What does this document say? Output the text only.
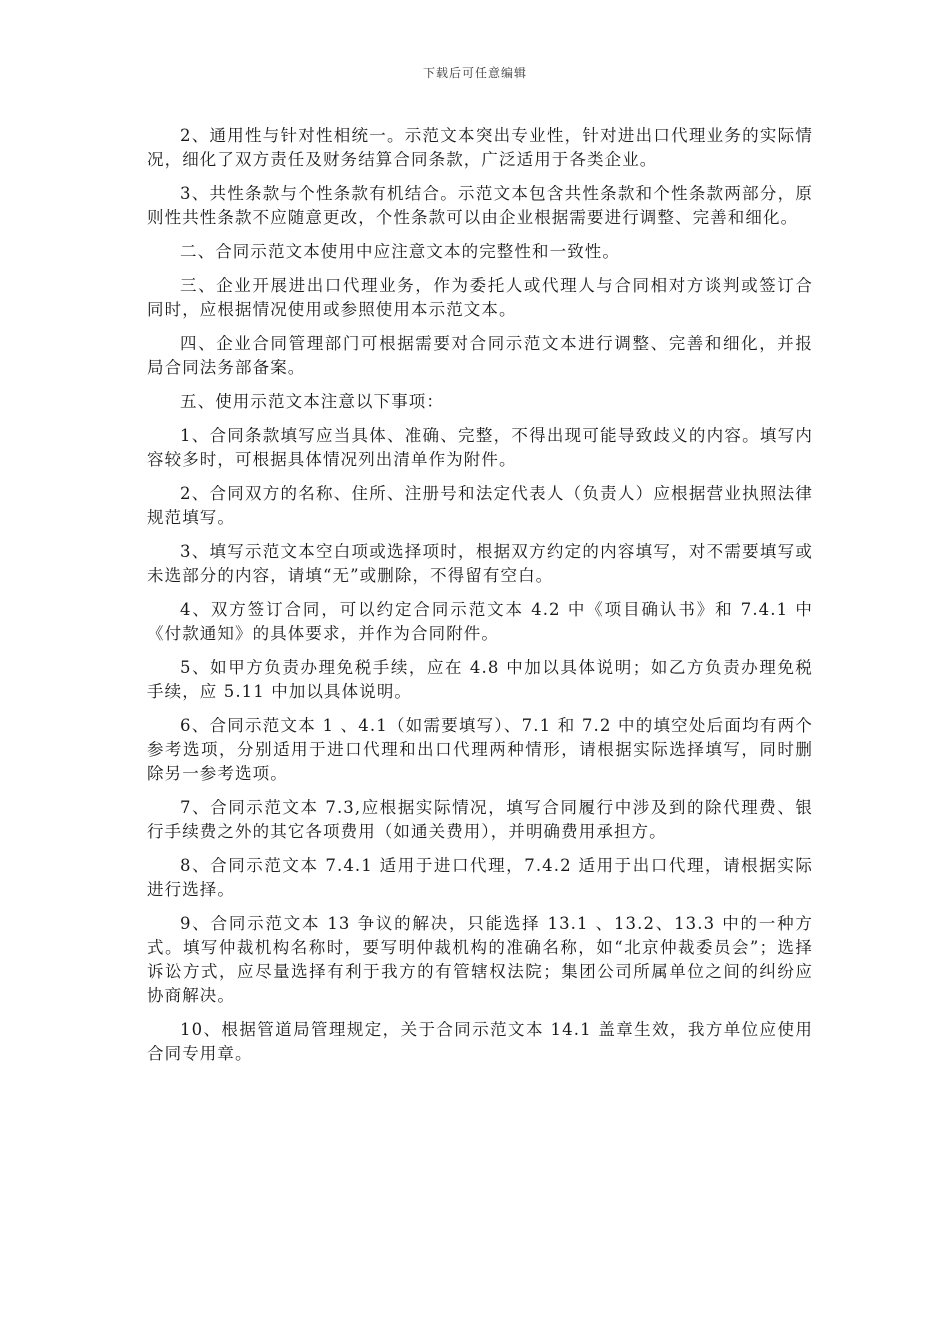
下载后可任意编辑

2、通用性与针对性相统一。示范文本突出专业性，针对进出口代理业务的实际情况，细化了双方责任及财务结算合同条款，广泛适用于各类企业。

3、共性条款与个性条款有机结合。示范文本包含共性条款和个性条款两部分，原则性共性条款不应随意更改，个性条款可以由企业根据需要进行调整、完善和细化。

二、合同示范文本使用中应注意文本的完整性和一致性。

三、企业开展进出口代理业务，作为委托人或代理人与合同相对方谈判或签订合同时，应根据情况使用或参照使用本示范文本。

四、企业合同管理部门可根据需要对合同示范文本进行调整、完善和细化，并报局合同法务部备案。

五、使用示范文本注意以下事项：

1、合同条款填写应当具体、准确、完整，不得出现可能导致歧义的内容。填写内容较多时，可根据具体情况列出清单作为附件。

2、合同双方的名称、住所、注册号和法定代表人（负责人）应根据营业执照法律规范填写。

3、填写示范文本空白项或选择项时，根据双方约定的内容填写，对不需要填写或未选部分的内容，请填“无”或删除，不得留有空白。

4、双方签订合同，可以约定合同示范文本 4.2 中《项目确认书》和 7.4.1 中《付款通知》的具体要求，并作为合同附件。

5、如甲方负责办理免税手续，应在 4.8 中加以具体说明；如乙方负责办理免税手续，应 5.11 中加以具体说明。

6、合同示范文本 1 、4.1（如需要填写）、7.1 和 7.2 中的填空处后面均有两个参考选项，分别适用于进口代理和出口代理两种情形，请根据实际选择填写，同时删除另一参考选项。

7、合同示范文本 7.3,应根据实际情况，填写合同履行中涉及到的除代理费、银行手续费之外的其它各项费用（如通关费用），并明确费用承担方。

8、合同示范文本 7.4.1 适用于进口代理，7.4.2 适用于出口代理，请根据实际进行选择。

9、合同示范文本 13 争议的解决，只能选择 13.1 、13.2、13.3 中的一种方式。填写仲裁机构名称时，要写明仲裁机构的准确名称，如“北京仲裁委员会”；选择诉讼方式，应尽量选择有利于我方的有管辖权法院；集团公司所属单位之间的纠纷应协商解决。

10、根据管道局管理规定，关于合同示范文本 14.1 盖章生效，我方单位应使用合同专用章。
